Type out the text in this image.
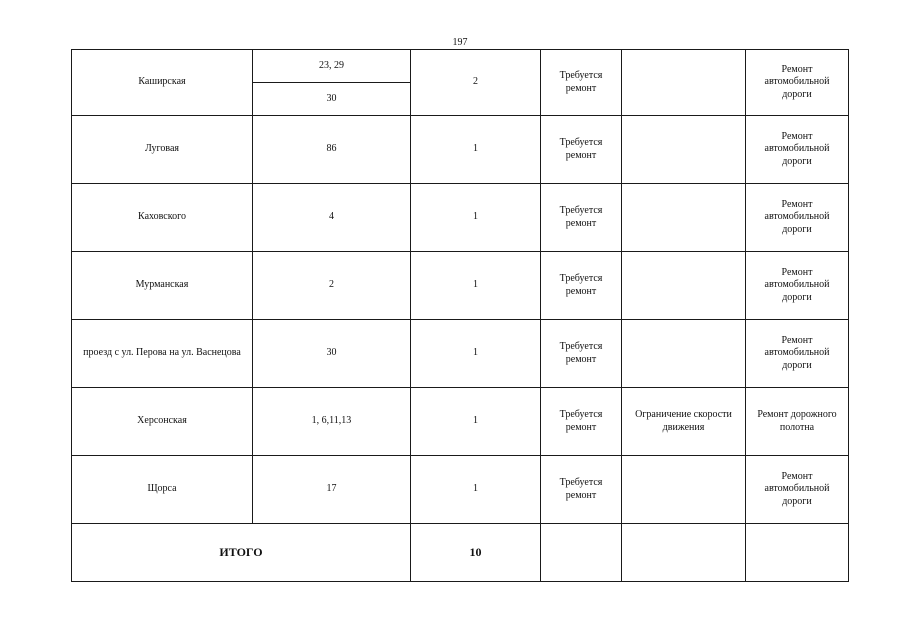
197
Каширская	23, 29	2	Требуется ремонт		Ремонт автомобильной дороги
	30				
Луговая	86	1	Требуется ремонт		Ремонт автомобильной дороги
Каховского	4	1	Требуется ремонт		Ремонт автомобильной дороги
Мурманская	2	1	Требуется ремонт		Ремонт автомобильной дороги
проезд с ул. Перова на ул. Васнецова	30	1	Требуется ремонт		Ремонт автомобильной дороги
Херсонская	1, 6,11,13	1	Требуется ремонт	Ограничение скорости движения	Ремонт дорожного полотна
Щорса	17	1	Требуется ремонт		Ремонт автомобильной дороги
ИТОГО		10			
